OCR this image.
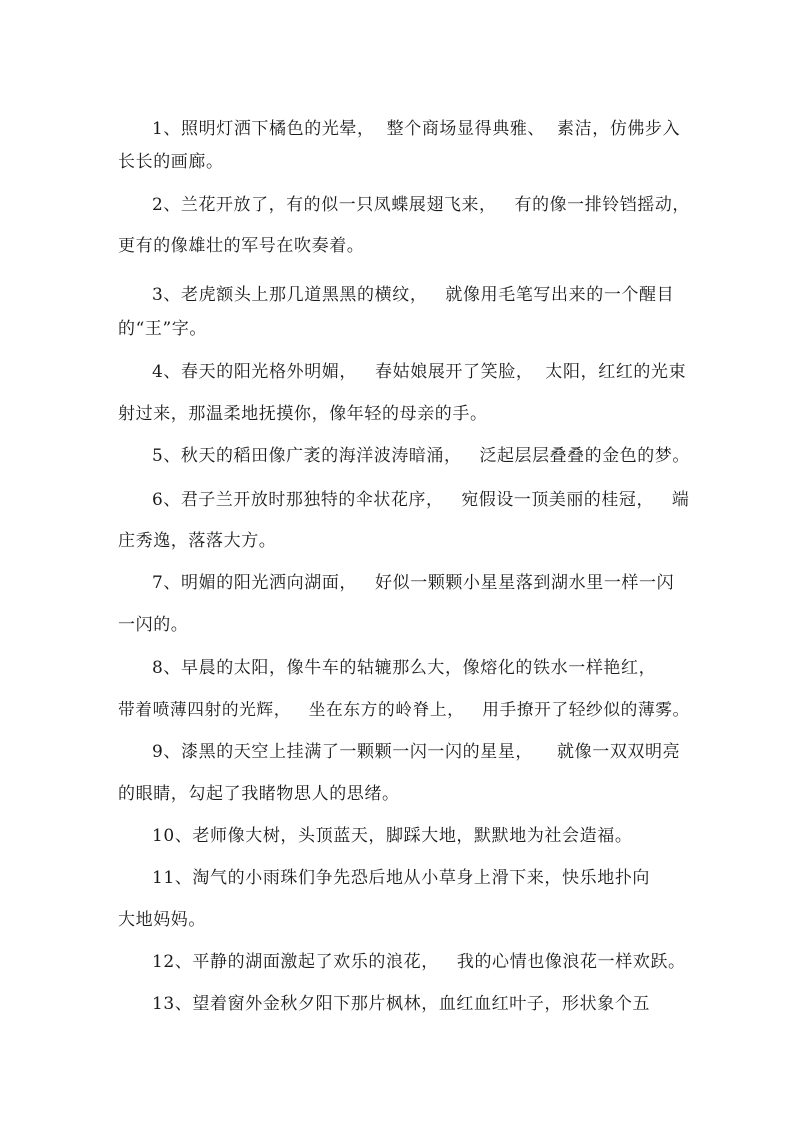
1、照明灯洒下橘色的光晕，  整个商场显得典雅、  素洁，仿佛步入
长长的画廊。
2、兰花开放了，有的似一只凤蝶展翅飞来，   有的像一排铃铛摇动，
更有的像雄壮的军号在吹奏着。
3、老虎额头上那几道黑黑的横纹，   就像用毛笔写出来的一个醒目
的“王”字。
4、春天的阳光格外明媚，   春姑娘展开了笑脸，  太阳，红红的光束
射过来，那温柔地抚摸你，像年轻的母亲的手。
5、秋天的稻田像广袤的海洋波涛暗涌，   泛起层层叠叠的金色的梦。
6、君子兰开放时那独特的伞状花序，   宛假设一顶美丽的桂冠，   端
庄秀逸，落落大方。
7、明媚的阳光洒向湖面，   好似一颗颗小星星落到湖水里一样一闪
一闪的。
8、早晨的太阳，像牛车的轱辘那么大，像熔化的铁水一样艳红，
带着喷薄四射的光辉，   坐在东方的岭脊上，   用手撩开了轻纱似的薄雾。
9、漆黑的天空上挂满了一颗颗一闪一闪的星星，    就像一双双明亮
的眼睛，勾起了我睹物思人的思绪。
10、老师像大树，头顶蓝天，脚踩大地，默默地为社会造福。
11、淘气的小雨珠们争先恐后地从小草身上滑下来，快乐地扑向
大地妈妈。
12、平静的湖面激起了欢乐的浪花，   我的心情也像浪花一样欢跃。
13、望着窗外金秋夕阳下那片枫林，血红血红叶子，形状象个五
